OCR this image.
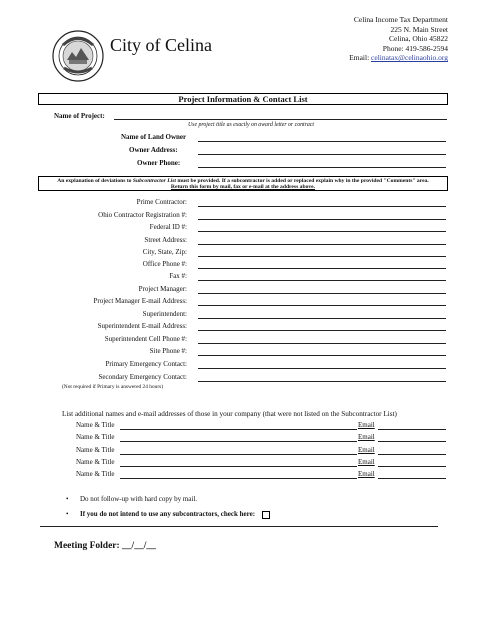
City of Celina
Celina Income Tax Department
225 N. Main Street
Celina, Ohio 45822
Phone: 419-586-2594
Email: celinatax@celinaohio.org
Project Information & Contact List
Name of Project:
Use project title as exactly on award letter or contract
Name of Land Owner
Owner Address:
Owner Phone:
An explanation of deviations to Subcontractor List must be provided. If a subcontractor is added or replaced explain why in the provided "Comments" area.
Return this form by mail, fax or e-mail at the address above.
Prime Contractor:
Ohio Contractor Registration #:
Federal ID #:
Street Address:
City, State, Zip:
Office Phone #:
Fax #:
Project Manager:
Project Manager E-mail Address:
Superintendent:
Superintendent E-mail Address:
Superintendent Cell Phone #:
Site Phone #:
Primary Emergency Contact:
Secondary Emergency Contact:
(Not required if Primary is answered 24 hours)
List additional names and e-mail addresses of those in your company (that were not listed on the Subcontractor List)
Name & Title	Email
Name & Title	Email
Name & Title	Email
Name & Title	Email
Name & Title	Email
• Do not follow-up with hard copy by mail.
• If you do not intend to use any subcontractors, check here:
Meeting Folder: __/__/__
